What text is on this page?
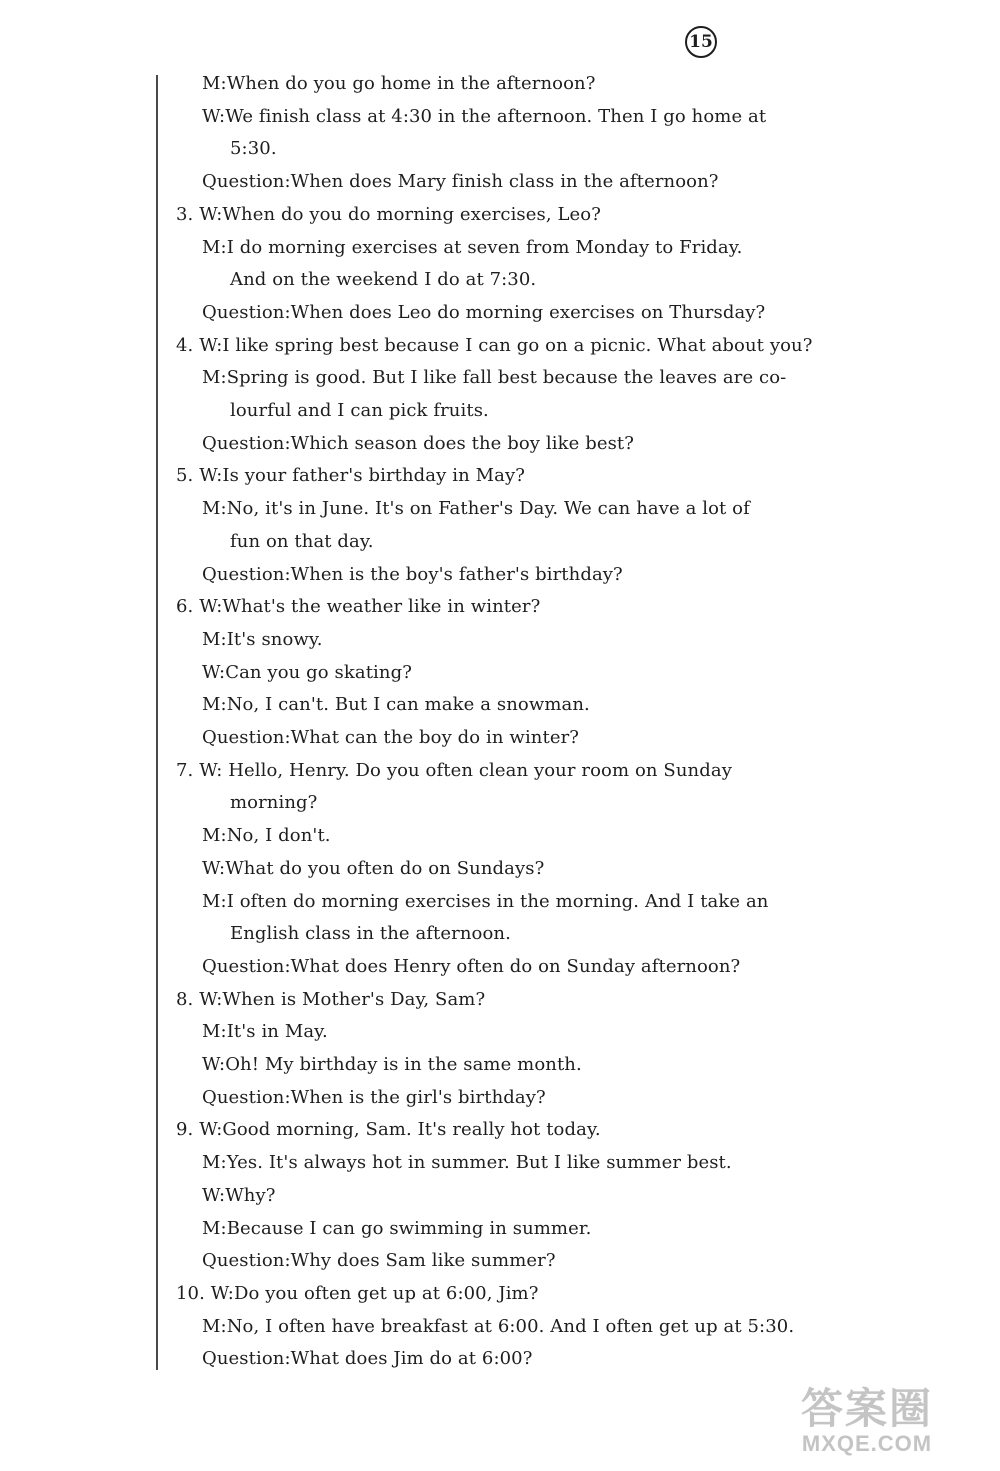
15
M:When do you go home in the afternoon?
W:We finish class at 4:30 in the afternoon. Then I go home at
5:30.
Question:When does Mary finish class in the afternoon?
3. W:When do you do morning exercises, Leo?
M:I do morning exercises at seven from Monday to Friday.
And on the weekend I do at 7:30.
Question:When does Leo do morning exercises on Thursday?
4. W:I like spring best because I can go on a picnic. What about you?
M:Spring is good. But I like fall best because the leaves are co-
lourful and I can pick fruits.
Question:Which season does the boy like best?
5. W:Is your father's birthday in May?
M:No, it's in June. It's on Father's Day. We can have a lot of
fun on that day.
Question:When is the boy's father's birthday?
6. W:What's the weather like in winter?
M:It's snowy.
W:Can you go skating?
M:No, I can't. But I can make a snowman.
Question:What can the boy do in winter?
7. W: Hello, Henry. Do you often clean your room on Sunday
morning?
M:No, I don't.
W:What do you often do on Sundays?
M:I often do morning exercises in the morning. And I take an
English class in the afternoon.
Question:What does Henry often do on Sunday afternoon?
8. W:When is Mother's Day, Sam?
M:It's in May.
W:Oh! My birthday is in the same month.
Question:When is the girl's birthday?
9. W:Good morning, Sam. It's really hot today.
M:Yes. It's always hot in summer. But I like summer best.
W:Why?
M:Because I can go swimming in summer.
Question:Why does Sam like summer?
10. W:Do you often get up at 6:00, Jim?
M:No, I often have breakfast at 6:00. And I often get up at 5:30.
Question:What does Jim do at 6:00?
答案圈
MXQE.COM
